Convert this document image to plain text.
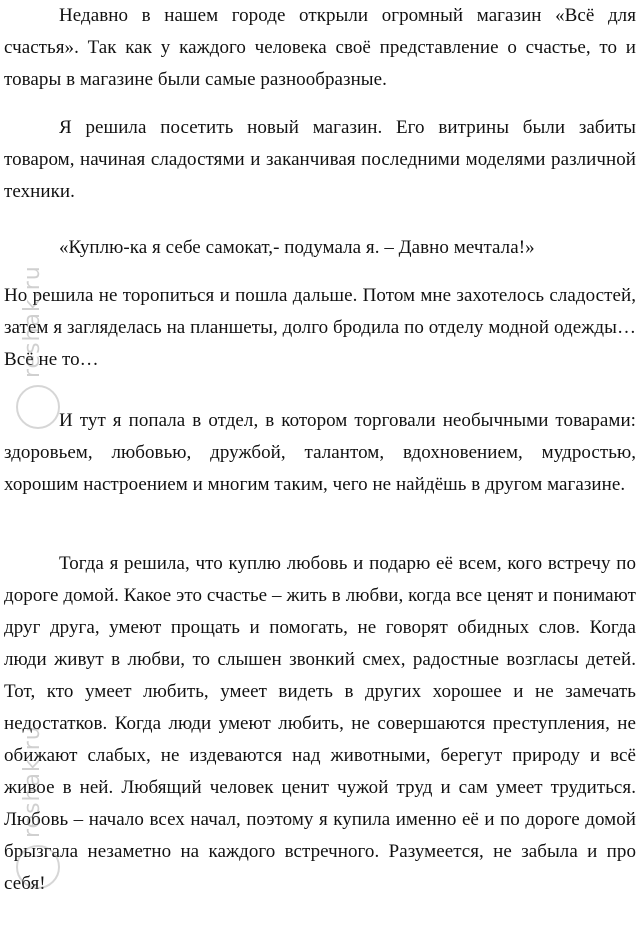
Недавно в нашем городе открыли огромный магазин «Всё для счастья». Так как у каждого человека своё представление о счастье, то и товары в магазине были самые разнообразные.

Я решила посетить новый магазин. Его витрины были забиты товаром, начиная сладостями и заканчивая последними моделями различной техники.

«Куплю-ка я себе самокат,- подумала я. – Давно мечтала!»

Но решила не торопиться и пошла дальше. Потом мне захотелось сладостей, затем я загляделась на планшеты, долго бродила по отделу модной одежды… Всё не то…

И тут я попала в отдел, в котором торговали необычными товарами: здоровьем, любовью, дружбой, талантом, вдохновением, мудростью, хорошим настроением и многим таким, чего не найдёшь в другом магазине.

Тогда я решила, что куплю любовь и подарю её всем, кого встречу по дороге домой. Какое это счастье – жить в любви, когда все ценят и понимают друг друга, умеют прощать и помогать, не говорят обидных слов. Когда люди живут в любви, то слышен звонкий смех, радостные возгласы детей. Тот, кто умеет любить, умеет видеть в других хорошее и не замечать недостатков. Когда люди умеют любить, не совершаются преступления, не обижают слабых, не издеваются над животными, берегут природу и всё живое в ней. Любящий человек ценит чужой труд и сам умеет трудиться. Любовь – начало всех начал, поэтому я купила именно её и по дороге домой брызгала незаметно на каждого встречного. Разумеется, не забыла и про себя!

reshak.ru
reshak.ru
